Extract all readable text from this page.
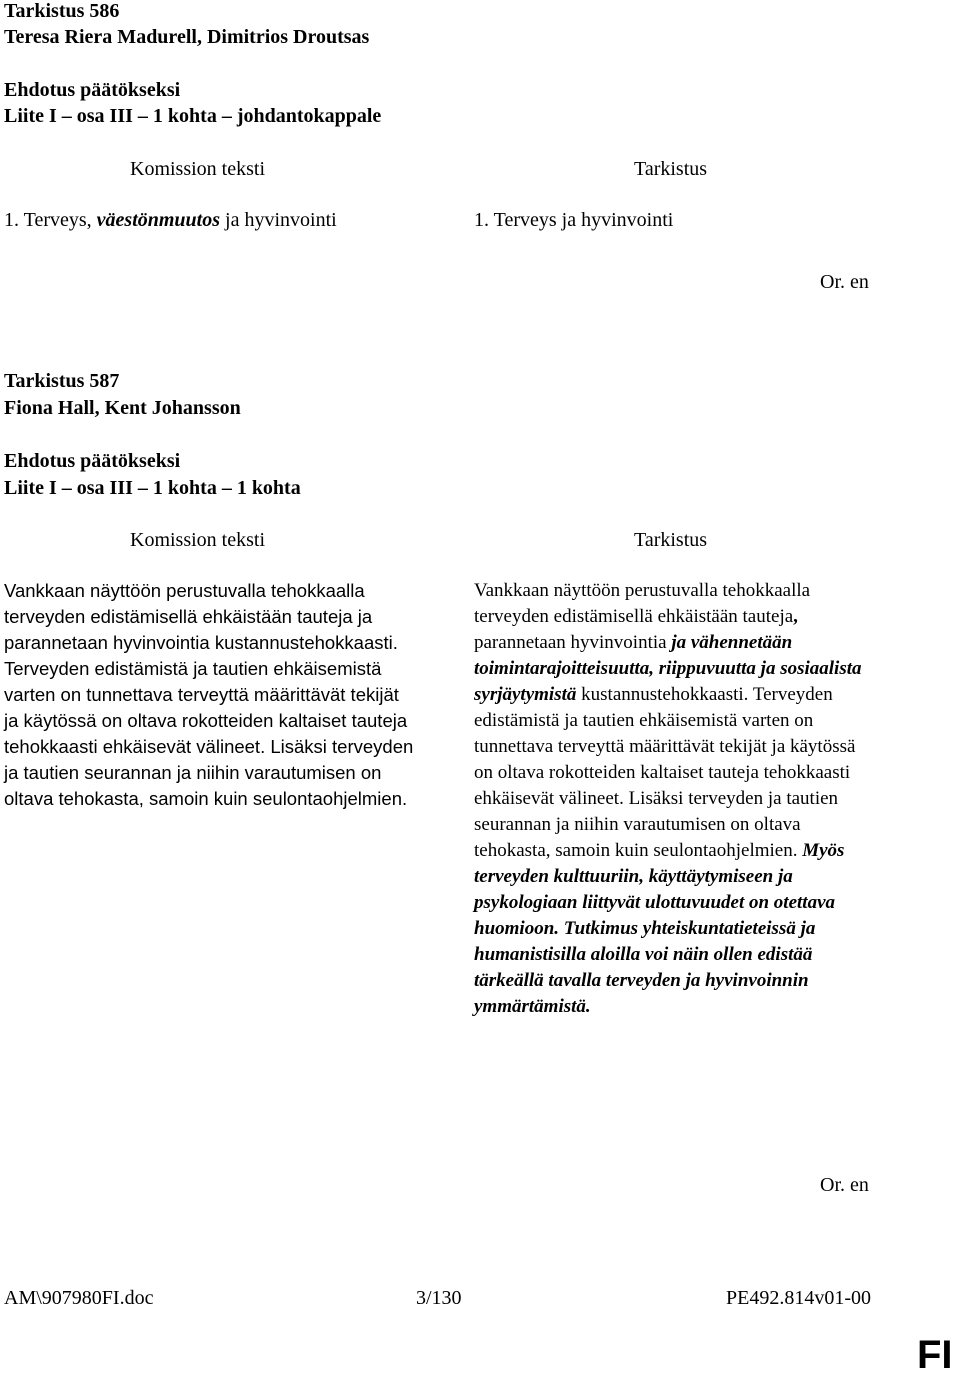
Tarkistus 586
Teresa Riera Madurell, Dimitrios Droutsas
Ehdotus päätökseksi
Liite I – osa III – 1 kohta – johdantokappale
Komission teksti	Tarkistus
1. Terveys, väestönmuutos ja hyvinvointi	1. Terveys ja hyvinvointi
Or. en
Tarkistus 587
Fiona Hall, Kent Johansson
Ehdotus päätökseksi
Liite I – osa III – 1 kohta – 1 kohta
Komission teksti	Tarkistus
Vankkaan näyttöön perustuvalla tehokkaalla terveyden edistämisellä ehkäistään tauteja ja parannetaan hyvinvointia kustannustehokkaasti. Terveyden edistämistä ja tautien ehkäisemistä varten on tunnettava terveyttä määrittävät tekijät ja käytössä on oltava rokotteiden kaltaiset tauteja tehokkaasti ehkäisevät välineet. Lisäksi terveyden ja tautien seurannan ja niihin varautumisen on oltava tehokasta, samoin kuin seulontaohjelmien.
Vankkaan näyttöön perustuvalla tehokkaalla terveyden edistämisellä ehkäistään tauteja, parannetaan hyvinvointia ja vähennetään toimintarajoitteisuutta, riippuvuutta ja sosiaalista syrjäytymistä kustannustehokkaasti. Terveyden edistämistä ja tautien ehkäisemistä varten on tunnettava terveyttä määrittävät tekijät ja käytössä on oltava rokotteiden kaltaiset tauteja tehokkaasti ehkäisevät välineet. Lisäksi terveyden ja tautien seurannan ja niihin varautumisen on oltava tehokasta, samoin kuin seulontaohjelmien. Myös terveyden kulttuuriin, käyttäytymiseen ja psykologiaan liittyvät ulottuvuudet on otettava huomioon. Tutkimus yhteiskuntatieteissä ja humanistisilla aloilla voi näin ollen edistää tärkeällä tavalla terveyden ja hyvinvoinnin ymmärtämistä.
Or. en
AM\907980FI.doc	3/130	PE492.814v01-00
FI
